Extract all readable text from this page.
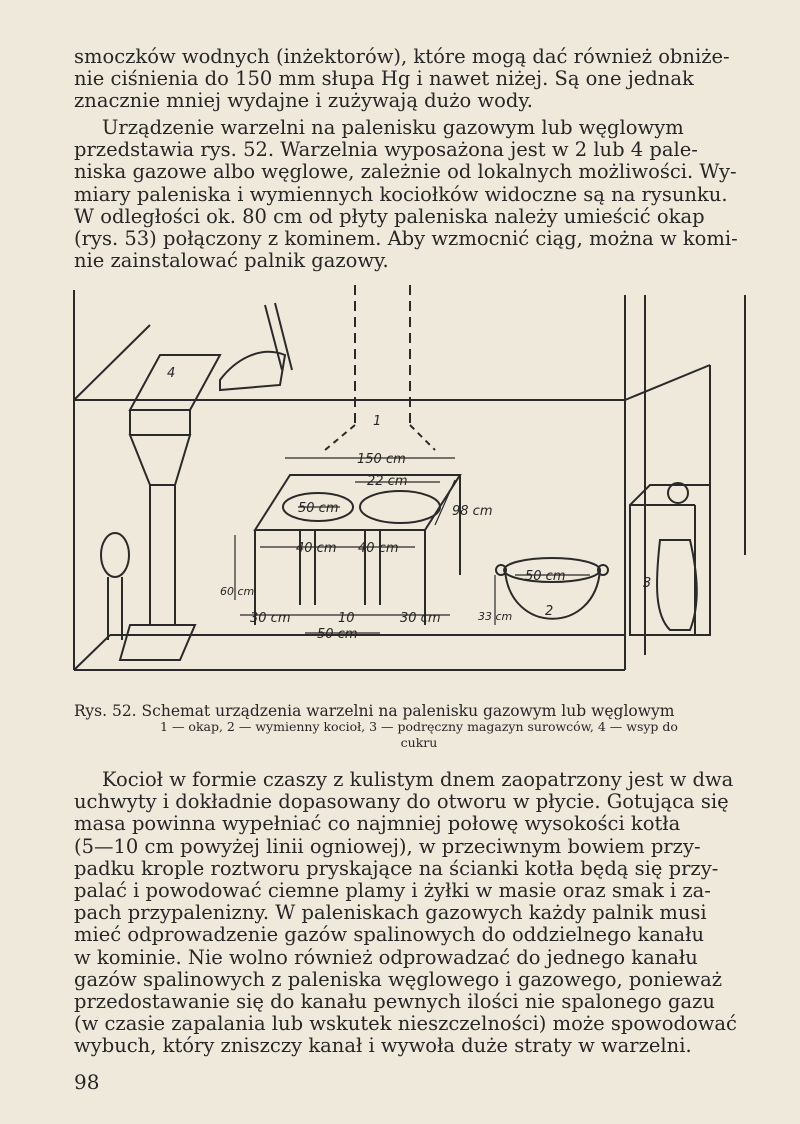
smoczków wodnych (inżektorów), które mogą dać również obniże-
nie ciśnienia do 150 mm słupa Hg i nawet niżej. Są one jednak
znacznie mniej wydajne i zużywają dużo wody.
Urządzenie warzelni na palenisku gazowym lub węglowym
przedstawia rys. 52. Warzelnia wyposażona jest w 2 lub 4 pale-
niska gazowe albo węglowe, zależnie od lokalnych możliwości. Wy-
miary paleniska i wymiennych kociołków widoczne są na rysunku.
W odległości ok. 80 cm od płyty paleniska należy umieścić okap
(rys. 53) połączony z kominem. Aby wzmocnić ciąg, można w komi-
nie zainstalować palnik gazowy.
1
2
3
4
150 cm
22 cm
50 cm	98 cm
40 cm 40 cm
60 cm
30 cm	10	30 cm
50 cm
50 cm
33 cm
Rys. 52. Schemat urządzenia warzelni na palenisku gazowym lub węglowym
1 — okap, 2 — wymienny kocioł, 3 — podręczny magazyn surowców, 4 — wsyp do
cukru
Kocioł w formie czaszy z kulistym dnem zaopatrzony jest w dwa
uchwyty i dokładnie dopasowany do otworu w płycie. Gotująca się
masa powinna wypełniać co najmniej połowę wysokości kotła
(5—10 cm powyżej linii ogniowej), w przeciwnym bowiem przy-
padku krople roztworu pryskające na ścianki kotła będą się przy-
palać i powodować ciemne plamy i żyłki w masie oraz smak i za-
pach przypalenizny. W paleniskach gazowych każdy palnik musi
mieć odprowadzenie gazów spalinowych do oddzielnego kanału
w kominie. Nie wolno również odprowadzać do jednego kanału
gazów spalinowych z paleniska węglowego i gazowego, ponieważ
przedostawanie się do kanału pewnych ilości nie spalonego gazu
(w czasie zapalania lub wskutek nieszczelności) może spowodować
wybuch, który zniszczy kanał i wywoła duże straty w warzelni.
98
